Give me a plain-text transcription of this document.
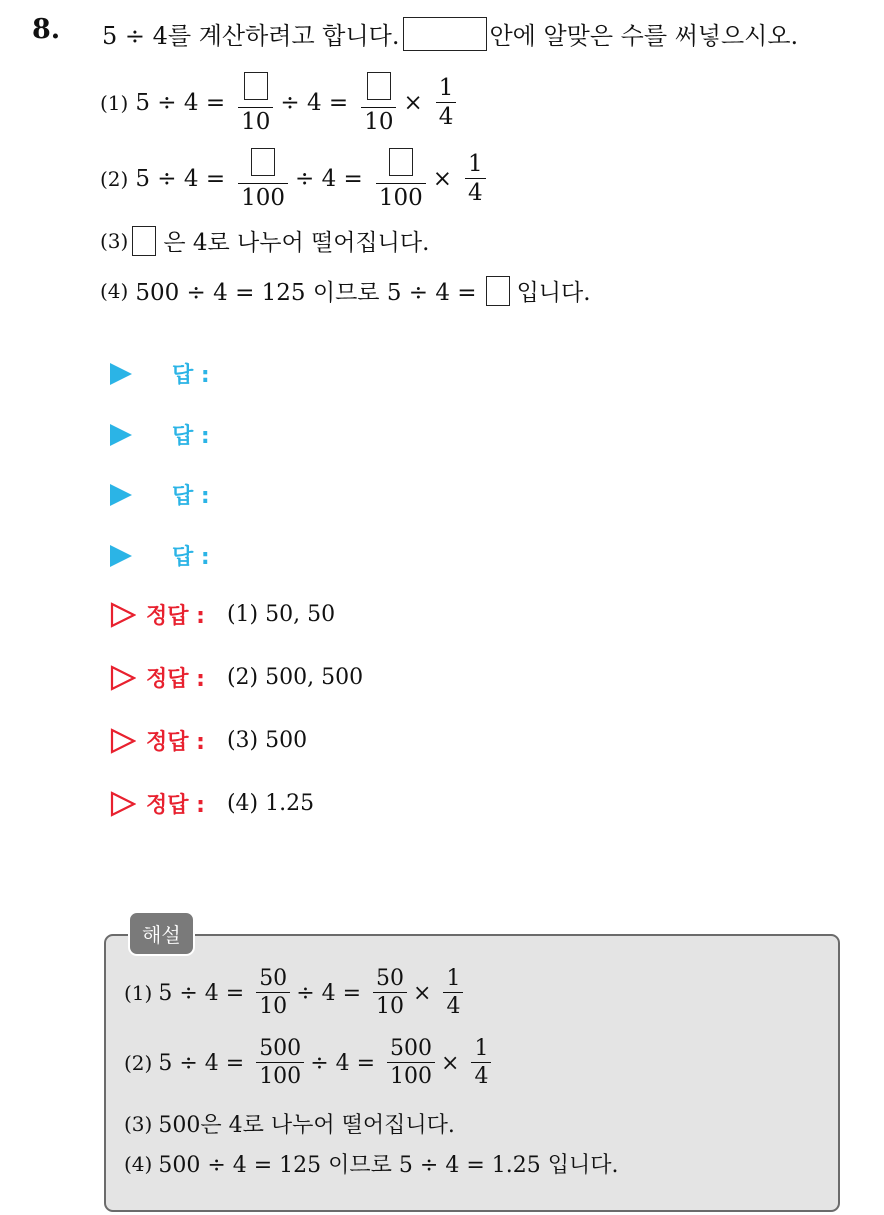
8. 5 ÷ 4를 계산하려고 합니다.	안에 알맞은 수를 써넣으시오.
(1) 5 ÷ 4 =
10
÷ 4 =
10
× $\frac{1}{4}$
(2) 5 ÷ 4 =
100
÷ 4 =
100
× $\frac{1}{4}$
(3) 은 4로 나누어 떨어집니다.
(4) 500 ÷ 4 = 125 이므로 5 ÷ 4 = 입니다.
답 :
답 :
답 :
답 :
정답 : (1) 50, 50
정답 : (2) 500, 500
정답 : (3) 500
정답 : (4) 1.25
해설
(1) $5 \div 4 = \frac{50}{10} \div 4 = \frac{50}{10} \times \frac{1}{4}$
(2) $5 \div 4 = \frac{500}{100} \div 4 = \frac{500}{100} \times \frac{1}{4}$
(3) 500은 4로 나누어 떨어집니다.
(4) 500 ÷ 4 = 125 이므로 5 ÷ 4 = 1.25 입니다.
